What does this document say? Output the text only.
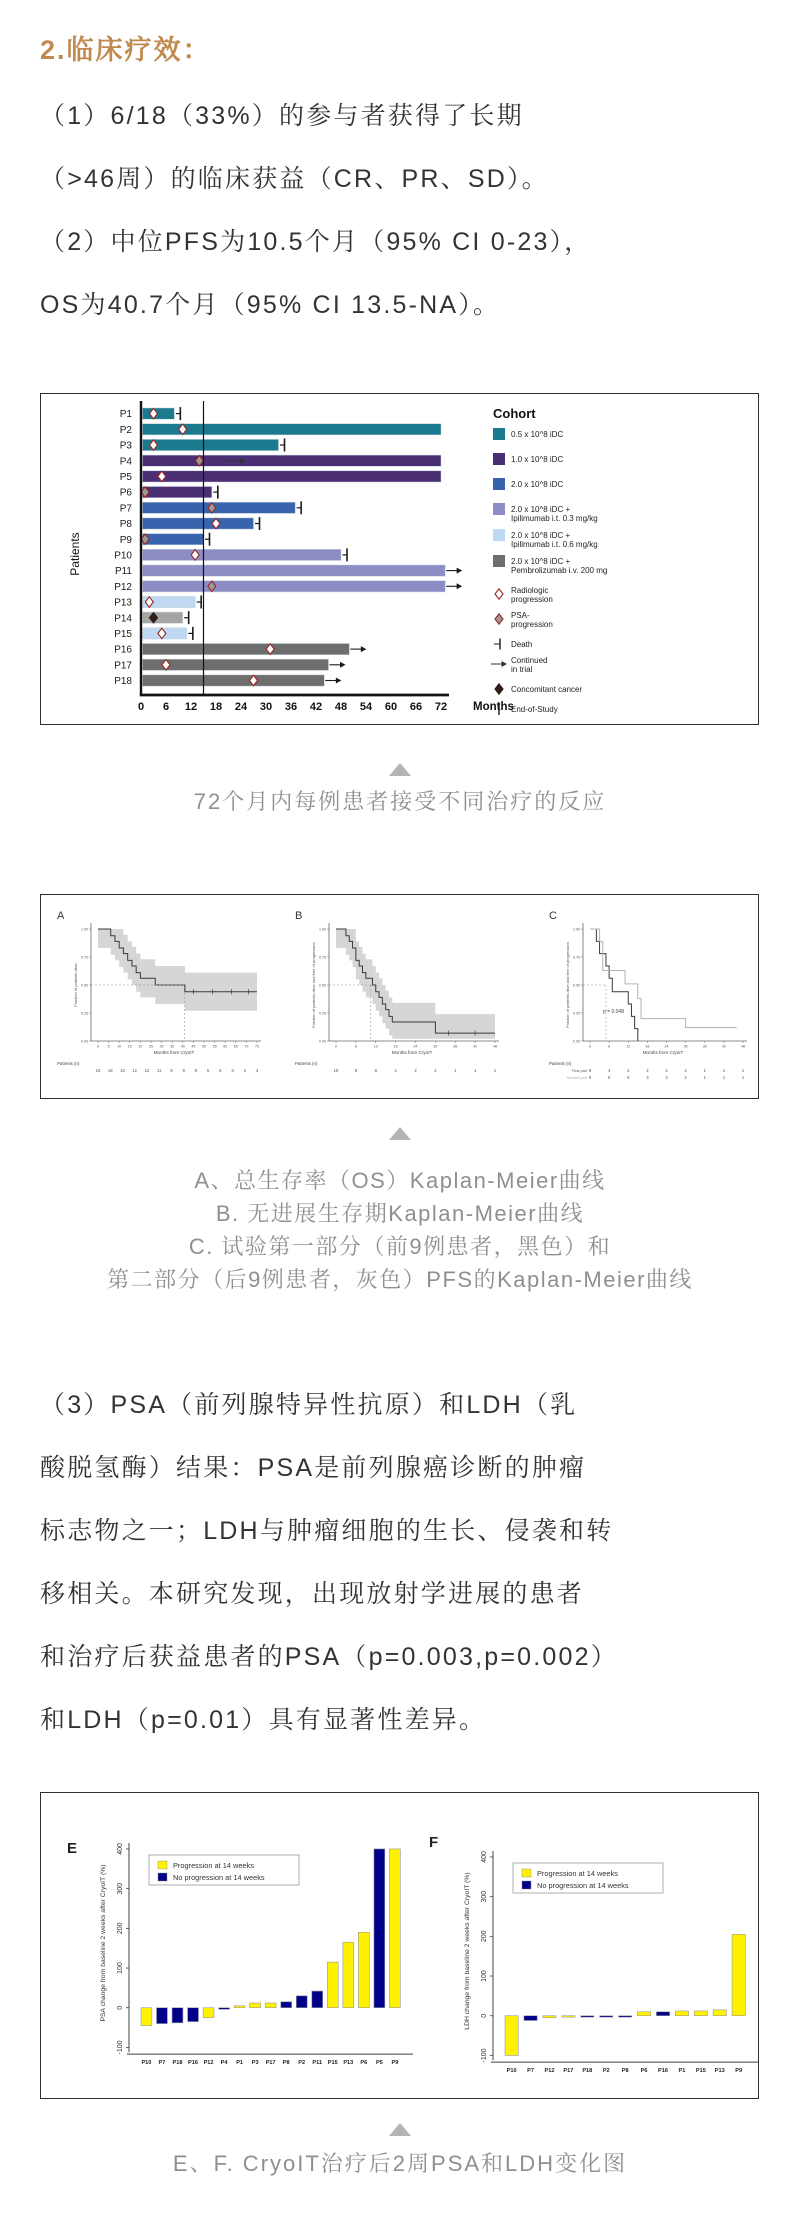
2.临床疗效：
（1）6/18（33%）的参与者获得了长期
（>46周）的临床获益（CR、PR、SD）。
（2）中位PFS为10.5个月（95% CI 0-23），
OS为40.7个月（95% CI 13.5-NA）。
Patients
P1
P2
P3
P4
P5
P6
P7
P8
P9
P10
P11
P12
P13
P14
P15
P16
P17
P18
0 6 12 18 24 30 36 42 48 54 60 66 72 Months
Cohort
0.5 x 10^8 iDC
1.0 x 10^8 iDC
2.0 x 10^8 iDC
2.0 x 10^8 iDC +
Ipilimumab i.t. 0.3 mg/kg
2.0 x 10^8 iDC +
Ipilimumab i.t. 0.6 mg/kg
2.0 x 10^8 iDC +
Pembrolizumab i.v. 200 mg
Radiologic
progression
PSA-
progression
Death
Continued
in trial
Concomitant cancer
End-of-Study
72个月内每例患者接受不同治疗的反应
A
0.00
0.25
0.50
0.75
1.00
Fraction of patients alive
0 5 10 15 20 25 30 35 40 45 50 55 60 65 70 75
Months from CryoIT
Patients (n)
18 18 15 12 12 11 9 9 8 5 5 3 3 3
B
0.00
0.25
0.50
0.75
1.00
Fraction of patients alive and free of progression
0	6	12	18	24	30	36	42	48
Months from CryoIT
Patients (n)
18	9	8	2	2	2	1	1	1
C
0.00
0.25
0.50
0.75
1.00
Fraction of patients alive and free of progression
0	6	12	18	24	30	36	42	48
Months from CryoIT
p = 0.048
Patients (n)
First part 9	4	2	2	2	2	1	1	1
Second part 9	6	5	3	3	2	1	1	1
A、总生存率（OS）Kaplan-Meier曲线
B. 无进展生存期Kaplan-Meier曲线
C. 试验第一部分（前9例患者，黑色）和
第二部分（后9例患者，灰色）PFS的Kaplan-Meier曲线
（3）PSA（前列腺特异性抗原）和LDH（乳
酸脱氢酶）结果：PSA是前列腺癌诊断的肿瘤
标志物之一；LDH与肿瘤细胞的生长、侵袭和转
移相关。本研究发现，出现放射学进展的患者
和治疗后获益患者的PSA（p=0.003,p=0.002）
和LDH（p=0.01）具有显著性差异。
E
-100
0
100
200
300
400
PSA change from baseline 2 weeks after CryoIT (%)
P10 P7 P18 P16 P12 P4 P1 P3 P17 P8 P2 P11 P15 P13 P6 P5 P9
Progression at 14 weeks
No progression at 14 weeks
F
-100
0
100
200
300
400
LDH change from baseline 2 weeks after CryoIT (%)
P10 P7 P12 P17 P18 P2 P8 P6 P16 P1 P15 P13 P9
Progression at 14 weeks
No progression at 14 weeks
E、F. CryoIT治疗后2周PSA和LDH变化图
